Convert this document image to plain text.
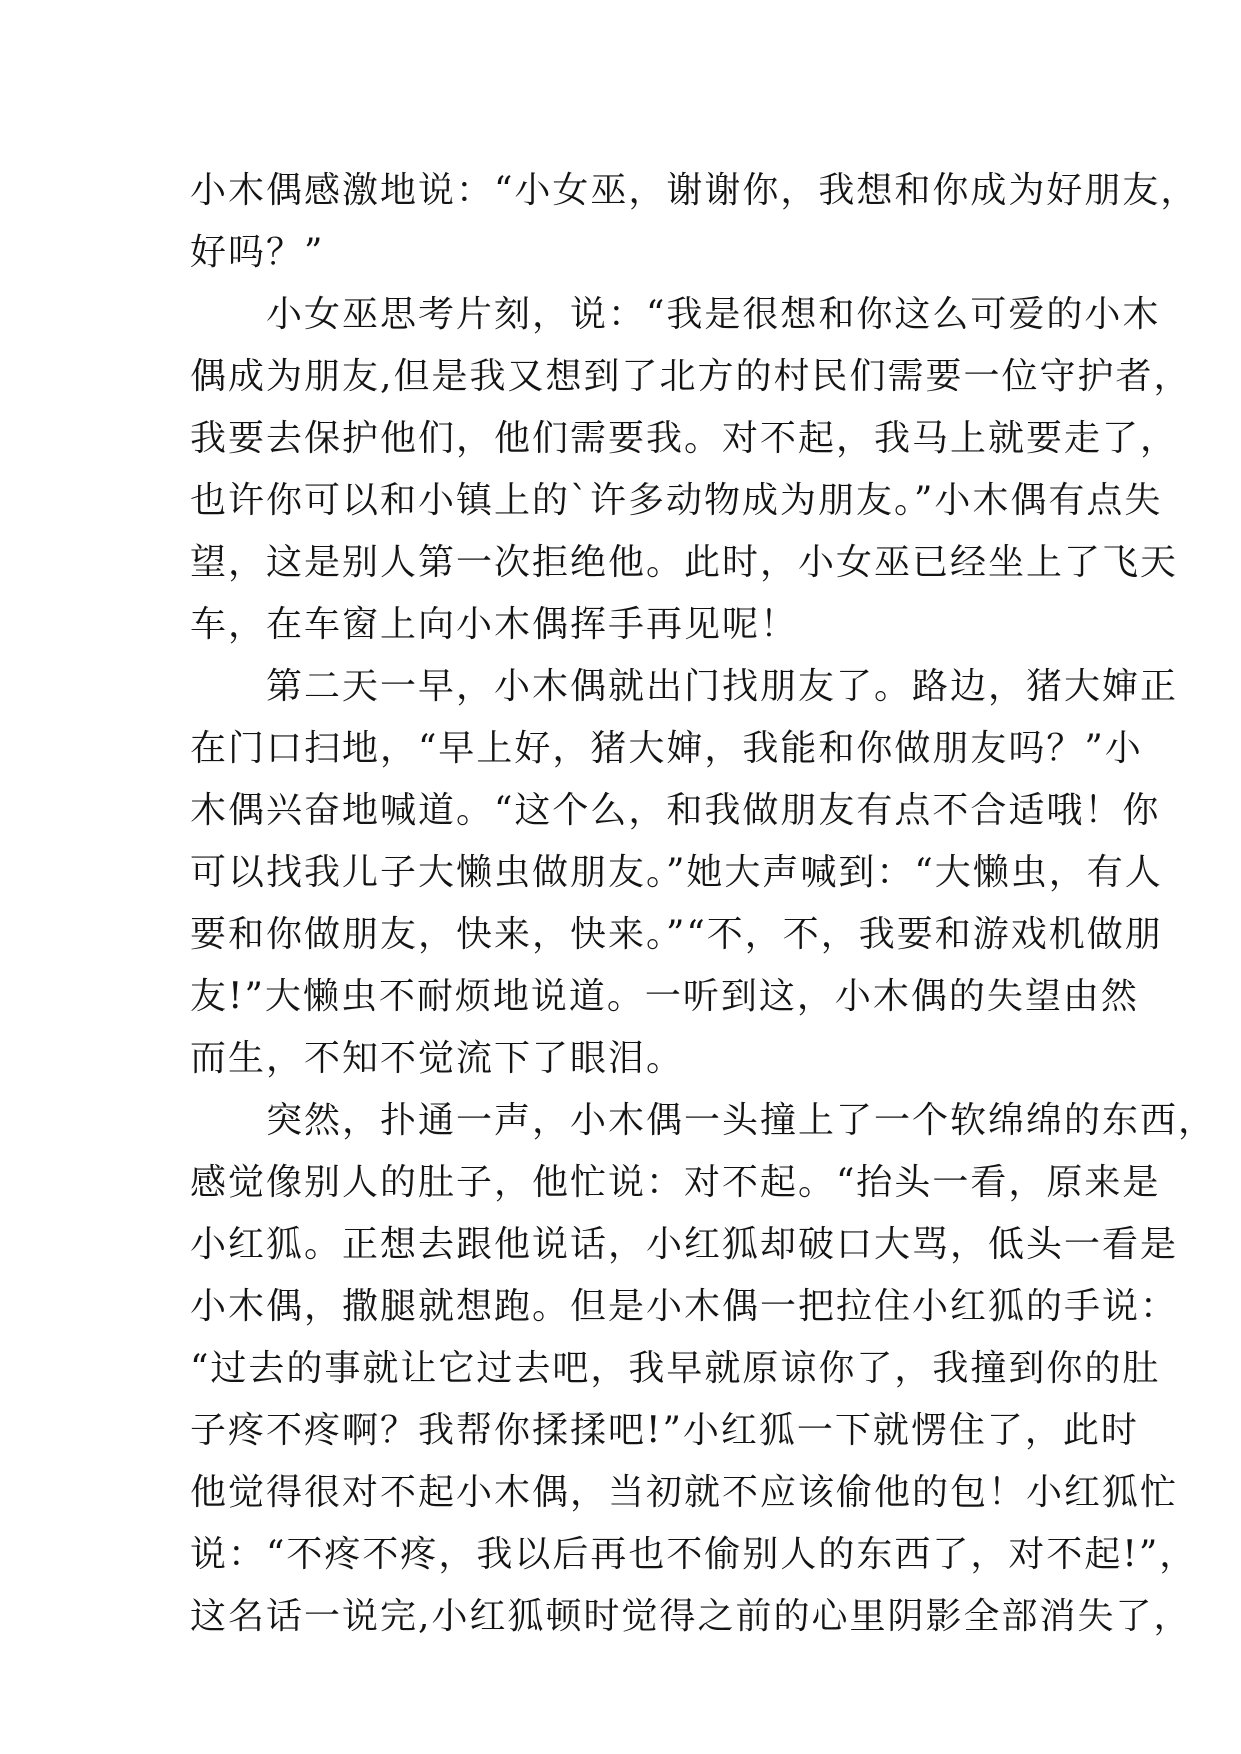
小木偶感激地说：“小女巫，谢谢你，我想和你成为好朋友，
好吗？”
　　小女巫思考片刻，说：“我是很想和你这么可爱的小木
偶成为朋友,但是我又想到了北方的村民们需要一位守护者，
我要去保护他们，他们需要我。对不起，我马上就要走了，
也许你可以和小镇上的`许多动物成为朋友。”小木偶有点失
望，这是别人第一次拒绝他。此时，小女巫已经坐上了飞天
车，在车窗上向小木偶挥手再见呢！
　　第二天一早，小木偶就出门找朋友了。路边，猪大婶正
在门口扫地，“早上好，猪大婶，我能和你做朋友吗？”小
木偶兴奋地喊道。“这个么，和我做朋友有点不合适哦！你
可以找我儿子大懒虫做朋友。”她大声喊到：“大懒虫，有人
要和你做朋友，快来，快来。”“不，不，我要和游戏机做朋
友!”大懒虫不耐烦地说道。一听到这，小木偶的失望由然
而生，不知不觉流下了眼泪。
　　突然，扑通一声，小木偶一头撞上了一个软绵绵的东西，
感觉像别人的肚子，他忙说：对不起。“抬头一看，原来是
小红狐。正想去跟他说话，小红狐却破口大骂，低头一看是
小木偶，撒腿就想跑。但是小木偶一把拉住小红狐的手说：
“过去的事就让它过去吧，我早就原谅你了，我撞到你的肚
子疼不疼啊？我帮你揉揉吧!”小红狐一下就愣住了，此时
他觉得很对不起小木偶，当初就不应该偷他的包！小红狐忙
说：“不疼不疼，我以后再也不偷别人的东西了，对不起!”，
这名话一说完,小红狐顿时觉得之前的心里阴影全部消失了，
